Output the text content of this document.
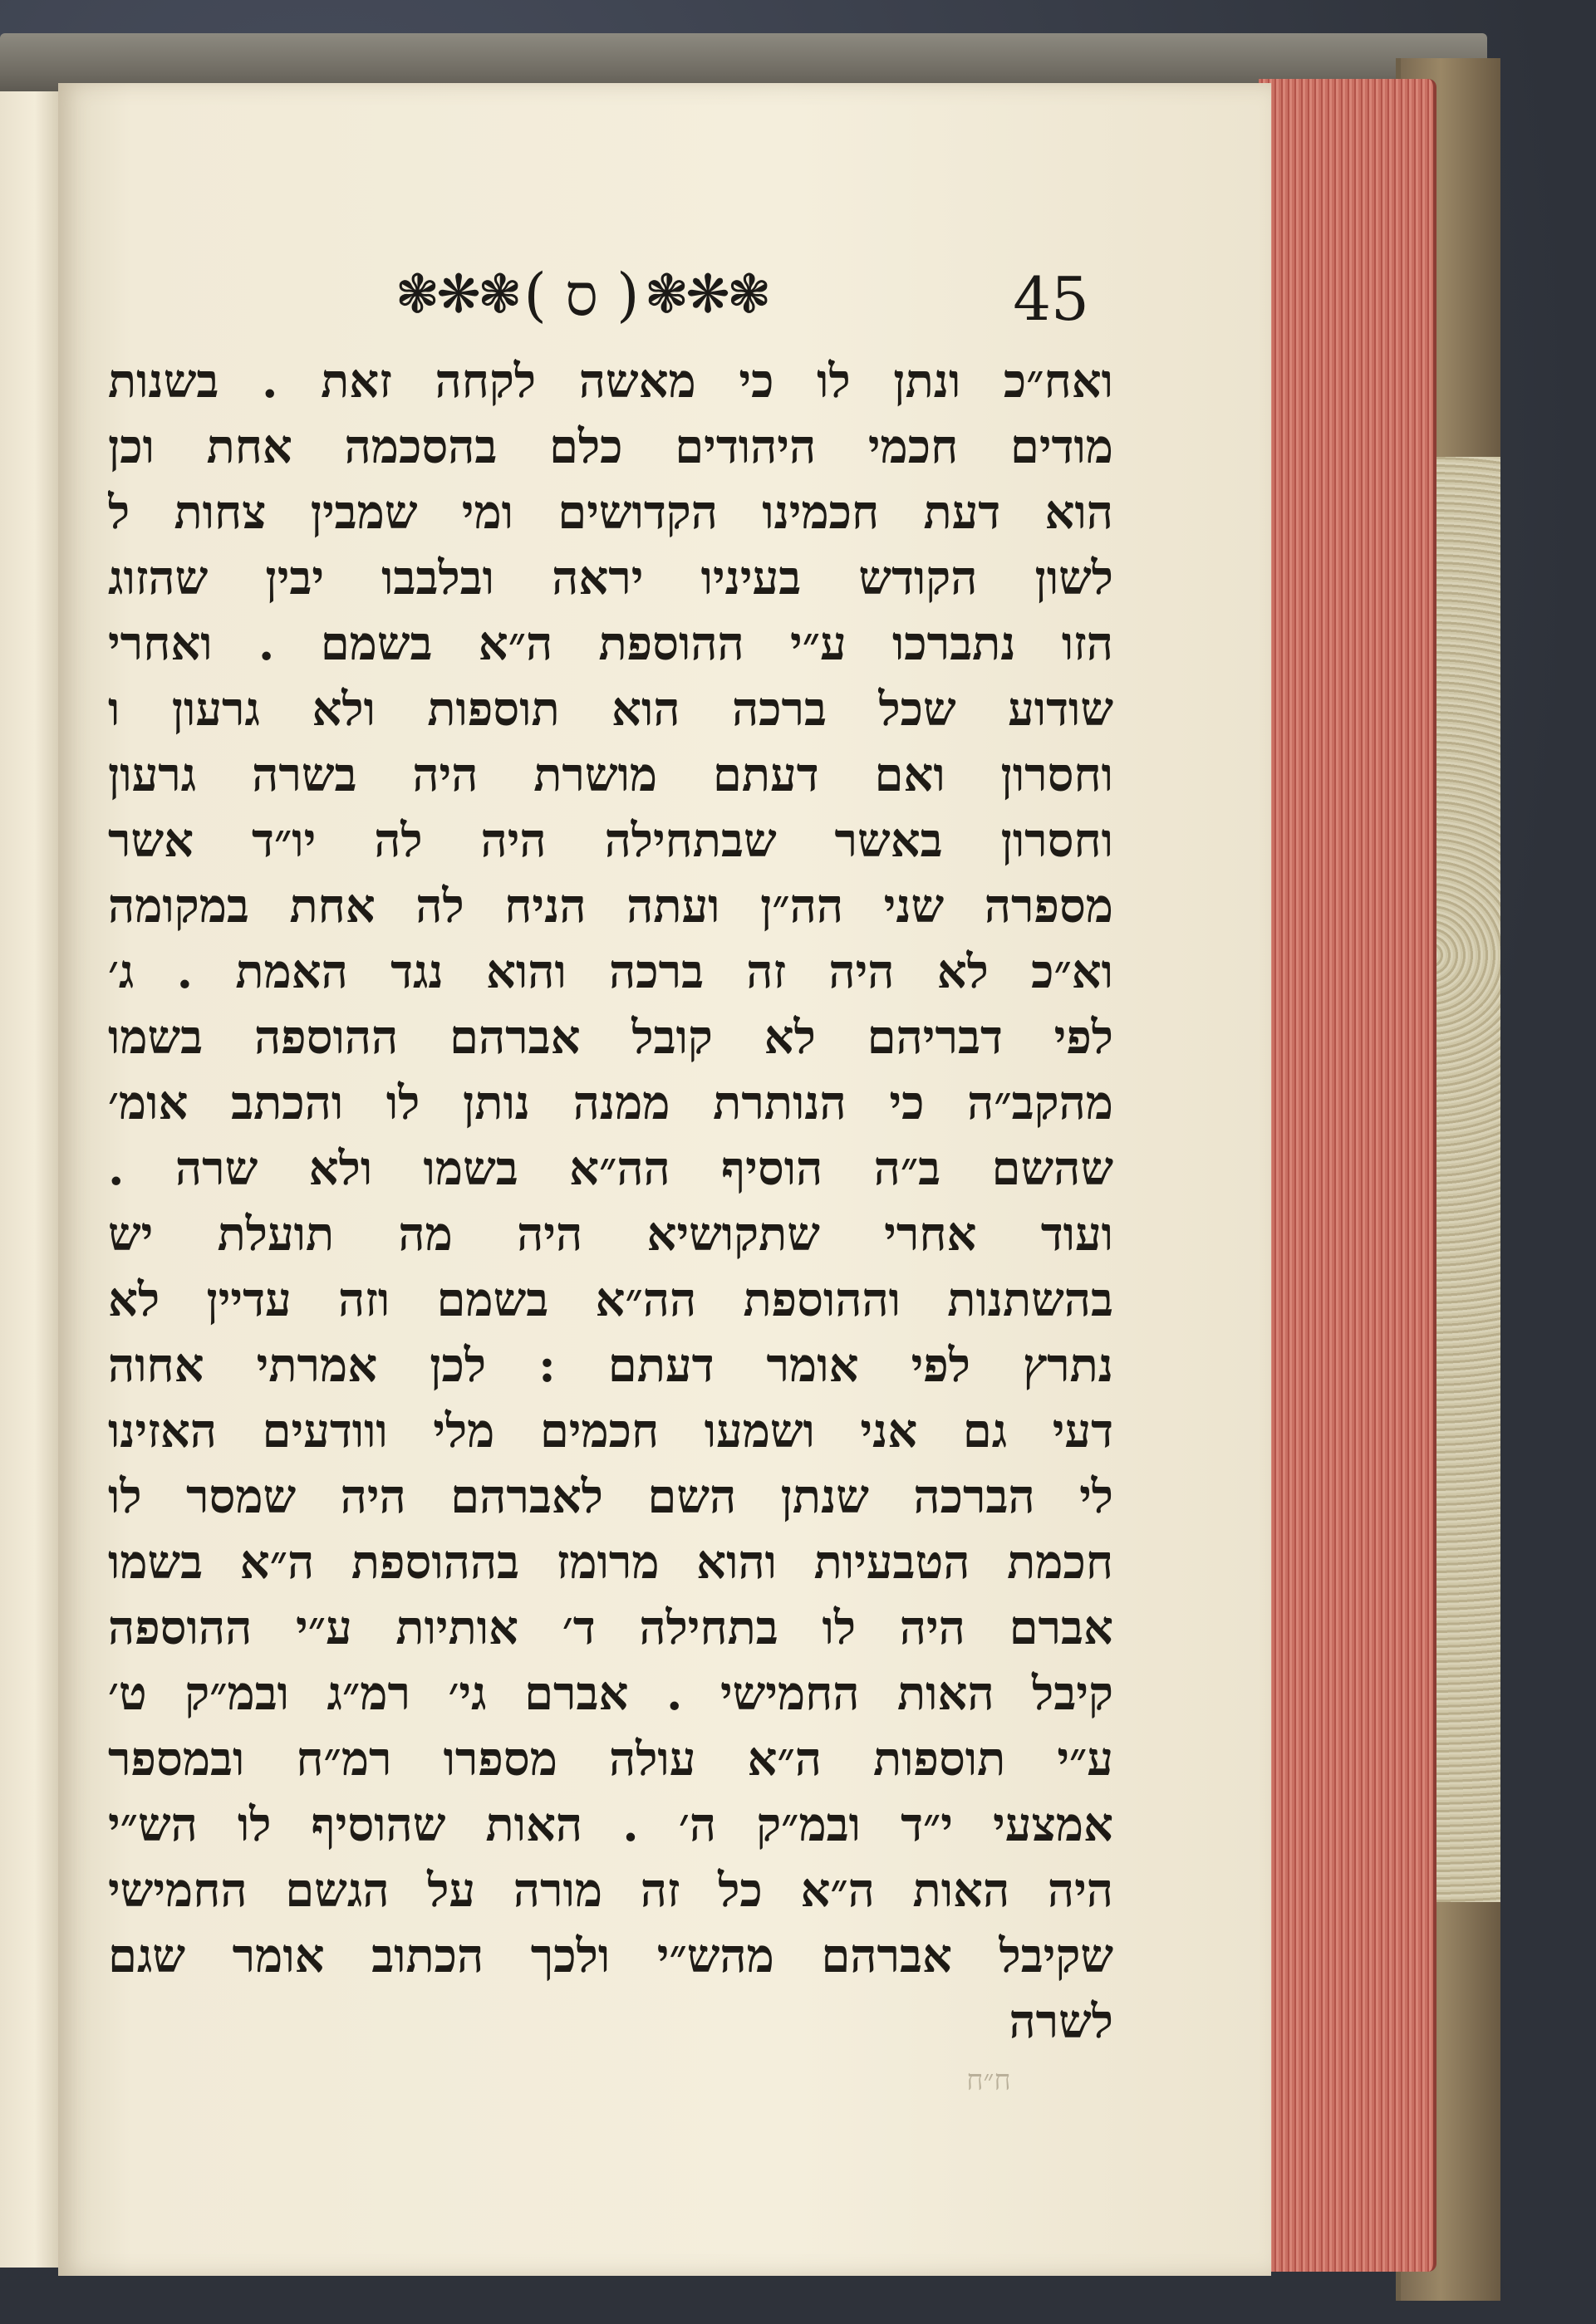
❃❋❃ ( ס ) ❃❋❃	45
ואח״כ ונתן לו כי מאשה לקחה זאת . בשנות
מודים חכמי היהודים כלם בהסכמה אחת וכן
הוא דעת חכמינו הקדושים ומי שמבין צחות ל
לשון הקודש בעיניו יראה ובלבבו יבין שהזוג
הזו נתברכו ע״י ההוספת ה״א בשמם . ואחרי
שודוע שכל ברכה הוא תוספות ולא גרעון ו
וחסרון ואם דעתם מושרת היה בשרה גרעון
וחסרון באשר שבתחילה היה לה יו״ד אשר
מספרה שני הה״ן ועתה הניח לה אחת במקומה
וא״כ לא היה זה ברכה והוא נגד האמת . ג׳
לפי דבריהם לא קובל אברהם ההוספה בשמו
מהקב״ה כי הנותרת ממנה נותן לו והכתב אומ׳
שהשם ב״ה הוסיף הה״א בשמו ולא שרה .
ועוד אחרי שתקושיא היה מה תועלת יש
בהשתנות וההוספת הה״א בשמם וזה עדיין לא
נתרץ לפי אומר דעתם : לכן אמרתי אחוה
דעי גם אני ושמעו חכמים מלי ווודעים האזינו
לי הברכה שנתן השם לאברהם היה שמסר לו
חכמת הטבעיות והוא מרומז בההוספת ה״א בשמו
אברם היה לו בתחילה ד׳ אותיות ע״י ההוספה
קיבל האות החמישי . אברם גי׳ רמ״ג ובמ״ק ט׳
ע״י תוספות ה״א עולה מספרו רמ״ח ובמספר
אמצעי י״ד ובמ״ק ה׳ . האות שהוסיף לו הש״י
היה האות ה״א כל זה מורה על הגשם החמישי
שקיבל אברהם מהש״י ולכך הכתוב אומר שגם
לשרה
ח״ח
